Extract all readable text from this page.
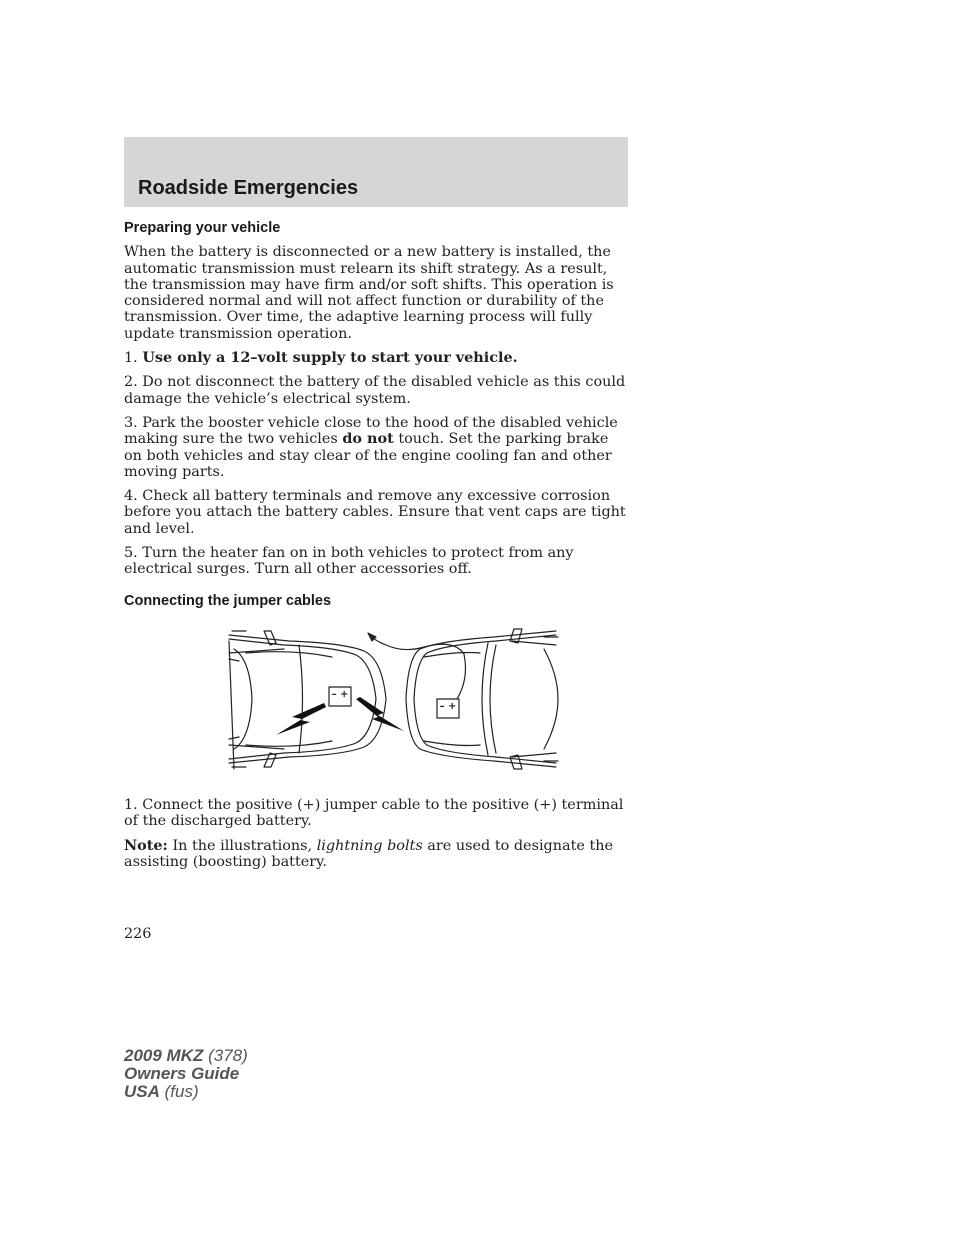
Roadside Emergencies
Preparing your vehicle

When the battery is disconnected or a new battery is installed, the automatic transmission must relearn its shift strategy. As a result, the transmission may have firm and/or soft shifts. This operation is considered normal and will not affect function or durability of the transmission. Over time, the adaptive learning process will fully update transmission operation.

1. Use only a 12–volt supply to start your vehicle.

2. Do not disconnect the battery of the disabled vehicle as this could damage the vehicle’s electrical system.

3. Park the booster vehicle close to the hood of the disabled vehicle making sure the two vehicles do not touch. Set the parking brake on both vehicles and stay clear of the engine cooling fan and other moving parts.

4. Check all battery terminals and remove any excessive corrosion before you attach the battery cables. Ensure that vent caps are tight and level.

5. Turn the heater fan on in both vehicles to protect from any electrical surges. Turn all other accessories off.

Connecting the jumper cables
– +
– +

1. Connect the positive (+) jumper cable to the positive (+) terminal of the discharged battery.

Note: In the illustrations, lightning bolts are used to designate the assisting (boosting) battery.

226
2009 MKZ (378)
Owners Guide
USA (fus)
